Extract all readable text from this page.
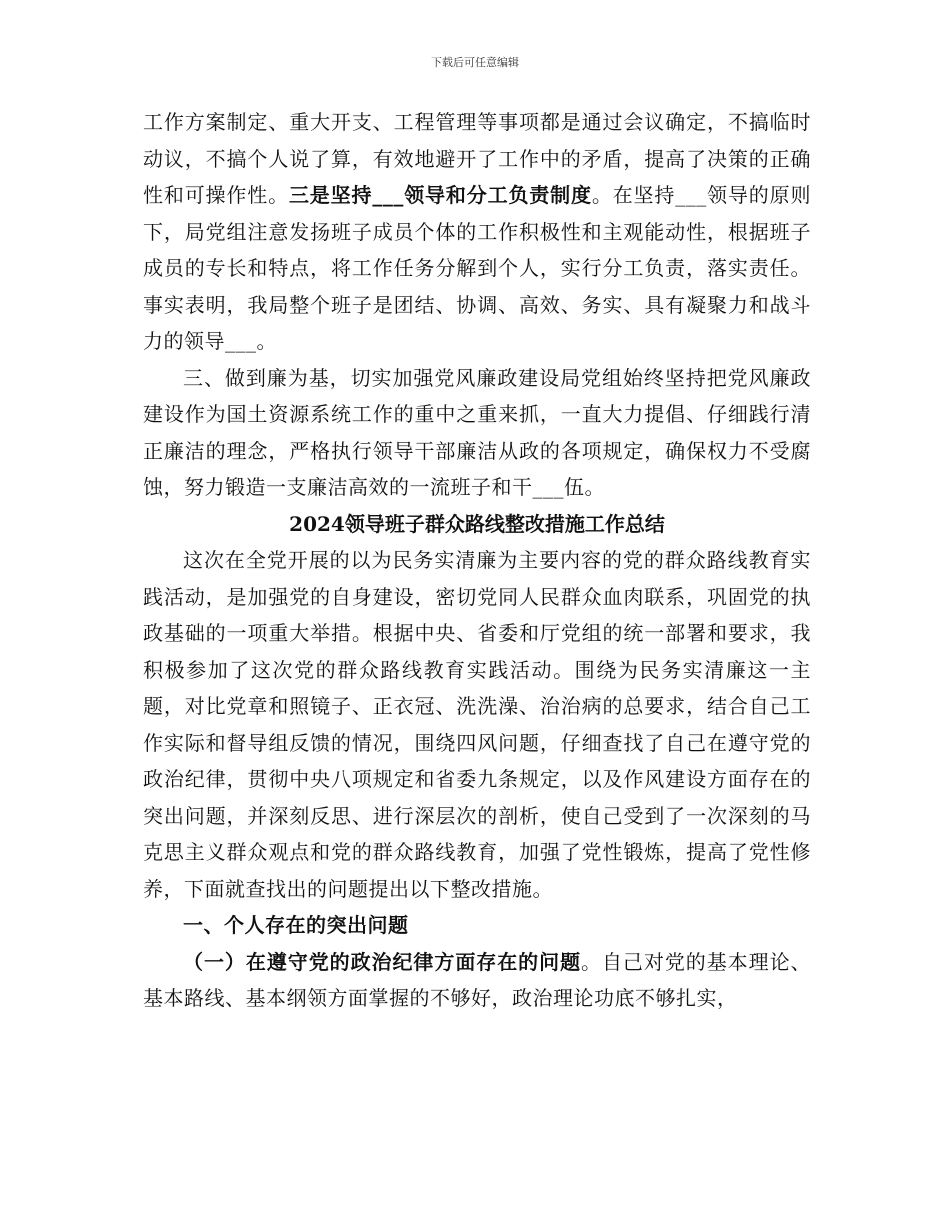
下载后可任意编辑

工作方案制定、重大开支、工程管理等事项都是通过会议确定，不搞临时动议，不搞个人说了算，有效地避开了工作中的矛盾，提高了决策的正确性和可操作性。三是坚持___领导和分工负责制度。在坚持___领导的原则下，局党组注意发扬班子成员个体的工作积极性和主观能动性，根据班子成员的专长和特点，将工作任务分解到个人，实行分工负责，落实责任。事实表明，我局整个班子是团结、协调、高效、务实、具有凝聚力和战斗力的领导___。

三、做到廉为基，切实加强党风廉政建设局党组始终坚持把党风廉政建设作为国土资源系统工作的重中之重来抓，一直大力提倡、仔细践行清正廉洁的理念，严格执行领导干部廉洁从政的各项规定，确保权力不受腐蚀，努力锻造一支廉洁高效的一流班子和干___伍。

2024领导班子群众路线整改措施工作总结

这次在全党开展的以为民务实清廉为主要内容的党的群众路线教育实践活动，是加强党的自身建设，密切党同人民群众血肉联系，巩固党的执政基础的一项重大举措。根据中央、省委和厅党组的统一部署和要求，我积极参加了这次党的群众路线教育实践活动。围绕为民务实清廉这一主题，对比党章和照镜子、正衣冠、洗洗澡、治治病的总要求，结合自己工作实际和督导组反馈的情况，围绕四风问题，仔细查找了自己在遵守党的政治纪律，贯彻中央八项规定和省委九条规定，以及作风建设方面存在的突出问题，并深刻反思、进行深层次的剖析，使自己受到了一次深刻的马克思主义群众观点和党的群众路线教育，加强了党性锻炼，提高了党性修养，下面就查找出的问题提出以下整改措施。

一、个人存在的突出问题

（一）在遵守党的政治纪律方面存在的问题。自己对党的基本理论、基本路线、基本纲领方面掌握的不够好，政治理论功底不够扎实，
